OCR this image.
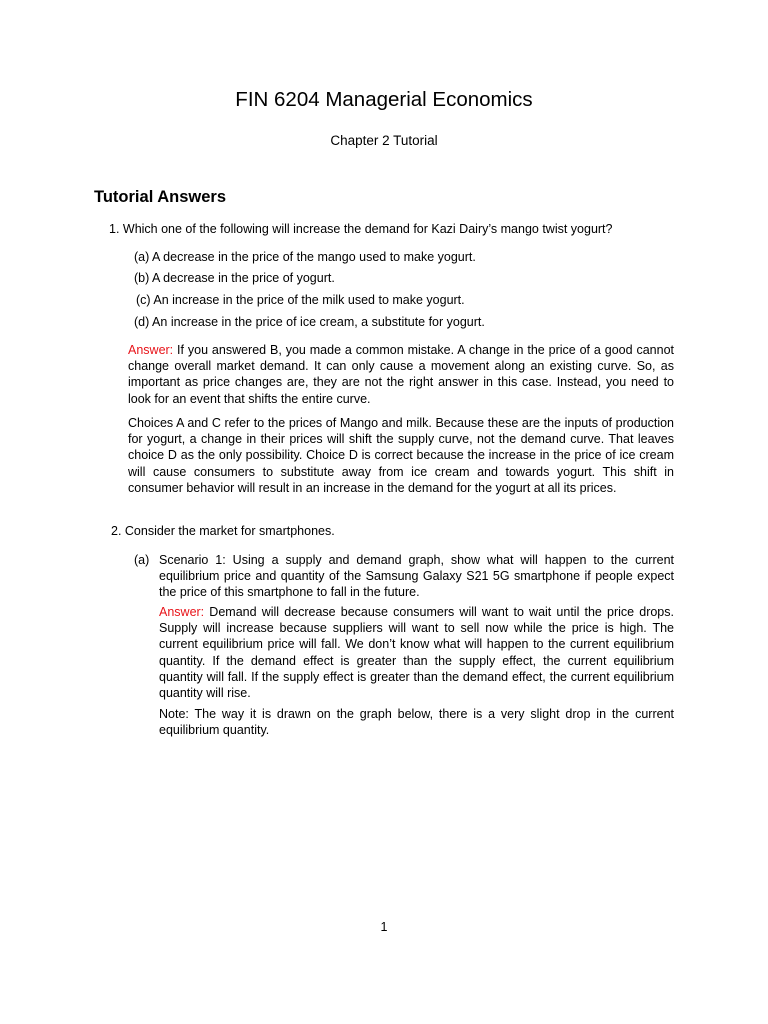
FIN 6204 Managerial Economics
Chapter 2 Tutorial
Tutorial Answers
1. Which one of the following will increase the demand for Kazi Dairy’s mango twist yogurt?
(a) A decrease in the price of the mango used to make yogurt.
(b) A decrease in the price of yogurt.
(c) An increase in the price of the milk used to make yogurt.
(d) An increase in the price of ice cream, a substitute for yogurt.

Answer: If you answered B, you made a common mistake. A change in the price of a good cannot change overall market demand. It can only cause a movement along an existing curve. So, as important as price changes are, they are not the right answer in this case. Instead, you need to look for an event that shifts the entire curve.

Choices A and C refer to the prices of Mango and milk. Because these are the inputs of production for yogurt, a change in their prices will shift the supply curve, not the demand curve. That leaves choice D as the only possibility. Choice D is correct because the increase in the price of ice cream will cause consumers to substitute away from ice cream and towards yogurt. This shift in consumer behavior will result in an increase in the demand for the yogurt at all its prices.

2. Consider the market for smartphones.
(a) Scenario 1: Using a supply and demand graph, show what will happen to the current equilibrium price and quantity of the Samsung Galaxy S21 5G smartphone if people expect the price of this smartphone to fall in the future.
Answer: Demand will decrease because consumers will want to wait until the price drops. Supply will increase because suppliers will want to sell now while the price is high. The current equilibrium price will fall. We don’t know what will happen to the current equilibrium quantity. If the demand effect is greater than the supply effect, the current equilibrium quantity will fall. If the supply effect is greater than the demand effect, the current equilibrium quantity will rise.
Note: The way it is drawn on the graph below, there is a very slight drop in the current equilibrium quantity.
1
